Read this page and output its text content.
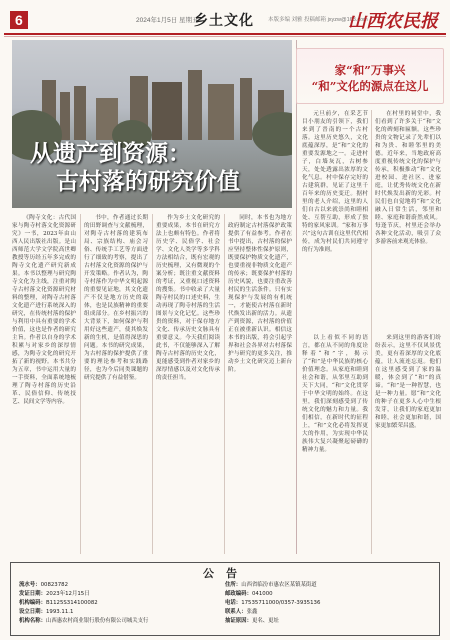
6	2024年1月5日 星期五
乡土文化	本版多编 刘雅 投稿邮箱 jxyzw@163.com
山西农民报
从遗产到资源：
古村落的研究价值

《陶寺文化：古代国家与陶寺村落文化资源研究》一书，2023年由山西人民出版社出版。是山西师范大学文学院高世卿教授等历经五年多完成的陶寺文化遗产研究新成果。本书以整理与研究陶寺文化为主线，注重对陶寺古村落文化资源研究材料的整理，对陶寺古村落文化遗产进行系统深入的研究，在传统村落的保护与利用中具有重要的学术价值，这也是作者的研究主旨。作者以自身的学术积累与对家乡的深厚情感，为陶寺文化的研究开拓了新的视野。本书共分为五章，书中运用大量的一手资料，全面系统地梳理了陶寺村落的历史沿革、民俗信仰、传统技艺、民间文学等内容。

书中，作者通过长期的田野调查与文献梳理，对陶寺古村落的建筑布局、宗族结构、庙会习俗、传统手工艺等方面进行了细致的考察，提出了古村落文化资源的保护与开发策略。作者认为，陶寺村落作为中华文明起源的重要见证地，其文化遗产不仅是地方历史的载体，也是民族精神的重要组成部分。在乡村振兴的大背景下，如何保护与利用好这些遗产，使其焕发新的生机，是值得深思的问题。本书的研究成果，为古村落的保护提供了重要的理论参考和实践路径，也为今后同类课题的研究提供了有益借鉴。

作为乡土文化研究的重要成果，本书在研究方法上也颇有特色。作者将历史学、民俗学、社会学、文化人类学等多学科方法相结合，既有宏观的历史梳理，又有微观的个案分析；既注重文献资料的考证，又重视口述资料的搜集。书中收录了大量陶寺村民的口述史料，生动再现了陶寺村落的生活图景与文化记忆。这些珍贵的资料，对于保存地方文化、传承历史文脉具有重要意义。今天我们阅读此书，不仅能够深入了解陶寺古村落的历史文化，更能感受到作者对家乡的深厚情感以及对文化传承的责任担当。

同时，本书也为地方政府制定古村落保护政策提供了有益参考。作者在书中提出，古村落的保护应坚持整体性保护原则，既要保护物质文化遗产，也要重视非物质文化遗产的传承；既要保护村落的历史风貌，也要注重改善村民的生活条件。只有实现保护与发展的有机统一，才能使古村落在新时代焕发出新的活力。从遗产到资源，古村落的价值正在被重新认识。相信这本书的出版，将会引起学界和社会各界对古村落保护与研究的更多关注，推动乡土文化研究迈上新台阶。

家“和”万事兴
“和”文化的源点在这儿

元旦前夕，在采艺节目小朋友的引领下，我们来到了晋南的一个古村落。这里历史悠久，文化底蕴深厚，是“和”文化的重要发源地之一。走进村子，白墙灰瓦，古树参天，处处透露出浓厚的文化气息。村中保存完好的古建筑群，见证了这里千百年来的历史变迁。据村里的老人介绍，这里的人们自古以来就崇尚和睦相处、互帮互助，形成了独特的家风家训。“家和万事兴”这句古训在这里代代相传，成为村民们共同遵守的行为准则。

在村里的祠堂中，我们看到了许多关于“和”文化的碑刻和匾额。这些珍贵的文物记录了先辈们以和为贵、和睦邻里的美德。近年来，当地政府高度重视传统文化的保护与传承，积极推动“和”文化进校园、进社区、进家庭，让优秀传统文化在新时代焕发出新的光彩。村民们也自觉地将“和”文化融入日常生活，邻里和睦、家庭和谐蔚然成风。每逢节庆，村里还会举办各种文化活动，吸引了众多游客前来观光体验。

以上看似不同的语言，都在从不同的角度诠释着“和”字，揭示了“和”是中华民族的核心价值理念。从家庭和睦到社会和谐，从邻里互助到天下大同，“和”文化贯穿于中华文明的始终。在这里，我们深刻感受到了传统文化的魅力和力量。我们相信，在新时代的征程上，“和”文化必将发挥更大的作用，为实现中华民族伟大复兴凝聚起磅礴的精神力量。

来到这里的游客们纷纷表示，这里不仅风景优美，更有着深厚的文化底蕴，让人流连忘返。他们在这里感受到了家的温暖，体会到了“和”的真谛。“和”是一种智慧，也是一种力量。愿“和”文化的种子在更多人心中生根发芽，让我们的家庭更加和睦，社会更加和谐，国家更加繁荣昌盛。

公告
流水号：00823782
发证日期：2023年12月15日
机构编码：B1125S314100082
设立日期：1993.11.1
机构名称：山西惠农村商业银行股份有限公司城关支行
住所：山西省临汾市惠农区某镇某街道
邮政编码：041000
电话：17535711000/0357-3935136
联系人：张鑫
抽证原因：更名、更址
